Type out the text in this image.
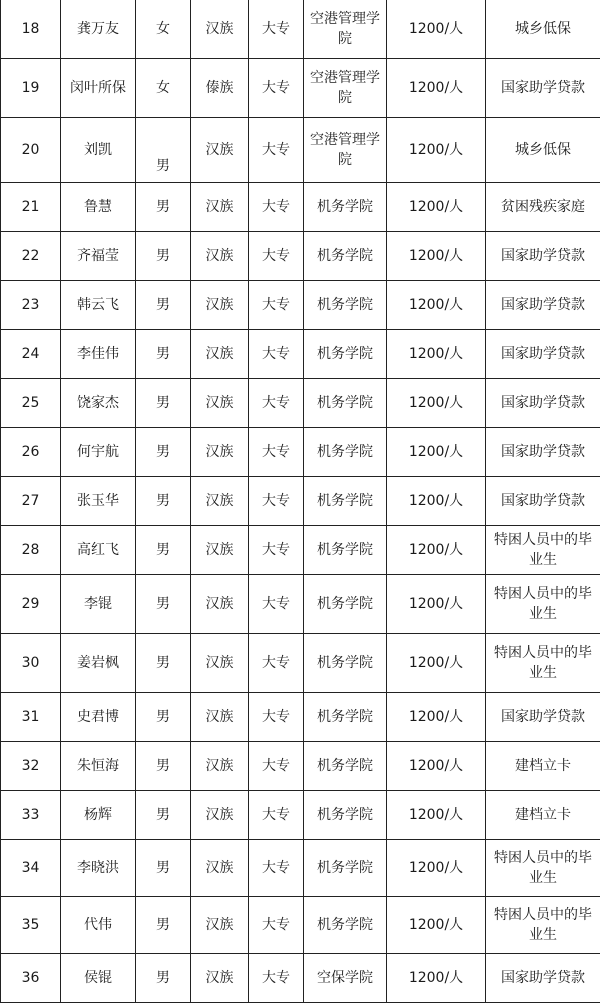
18	龚万友	女	汉族	大专	空港管理学院	1200/人	城乡低保
19	闵叶所保	女	傣族	大专	空港管理学院	1200/人	国家助学贷款
20	刘凯	男	汉族	大专	空港管理学院	1200/人	城乡低保
21	鲁慧	男	汉族	大专	机务学院	1200/人	贫困残疾家庭
22	齐福莹	男	汉族	大专	机务学院	1200/人	国家助学贷款
23	韩云飞	男	汉族	大专	机务学院	1200/人	国家助学贷款
24	李佳伟	男	汉族	大专	机务学院	1200/人	国家助学贷款
25	饶家杰	男	汉族	大专	机务学院	1200/人	国家助学贷款
26	何宇航	男	汉族	大专	机务学院	1200/人	国家助学贷款
27	张玉华	男	汉族	大专	机务学院	1200/人	国家助学贷款
28	高红飞	男	汉族	大专	机务学院	1200/人	特困人员中的毕业生
29	李锟	男	汉族	大专	机务学院	1200/人	特困人员中的毕业生
30	姜岩枫	男	汉族	大专	机务学院	1200/人	特困人员中的毕业生
31	史君博	男	汉族	大专	机务学院	1200/人	国家助学贷款
32	朱恒海	男	汉族	大专	机务学院	1200/人	建档立卡
33	杨辉	男	汉族	大专	机务学院	1200/人	建档立卡
34	李晓洪	男	汉族	大专	机务学院	1200/人	特困人员中的毕业生
35	代伟	男	汉族	大专	机务学院	1200/人	特困人员中的毕业生
36	侯锟	男	汉族	大专	空保学院	1200/人	国家助学贷款
